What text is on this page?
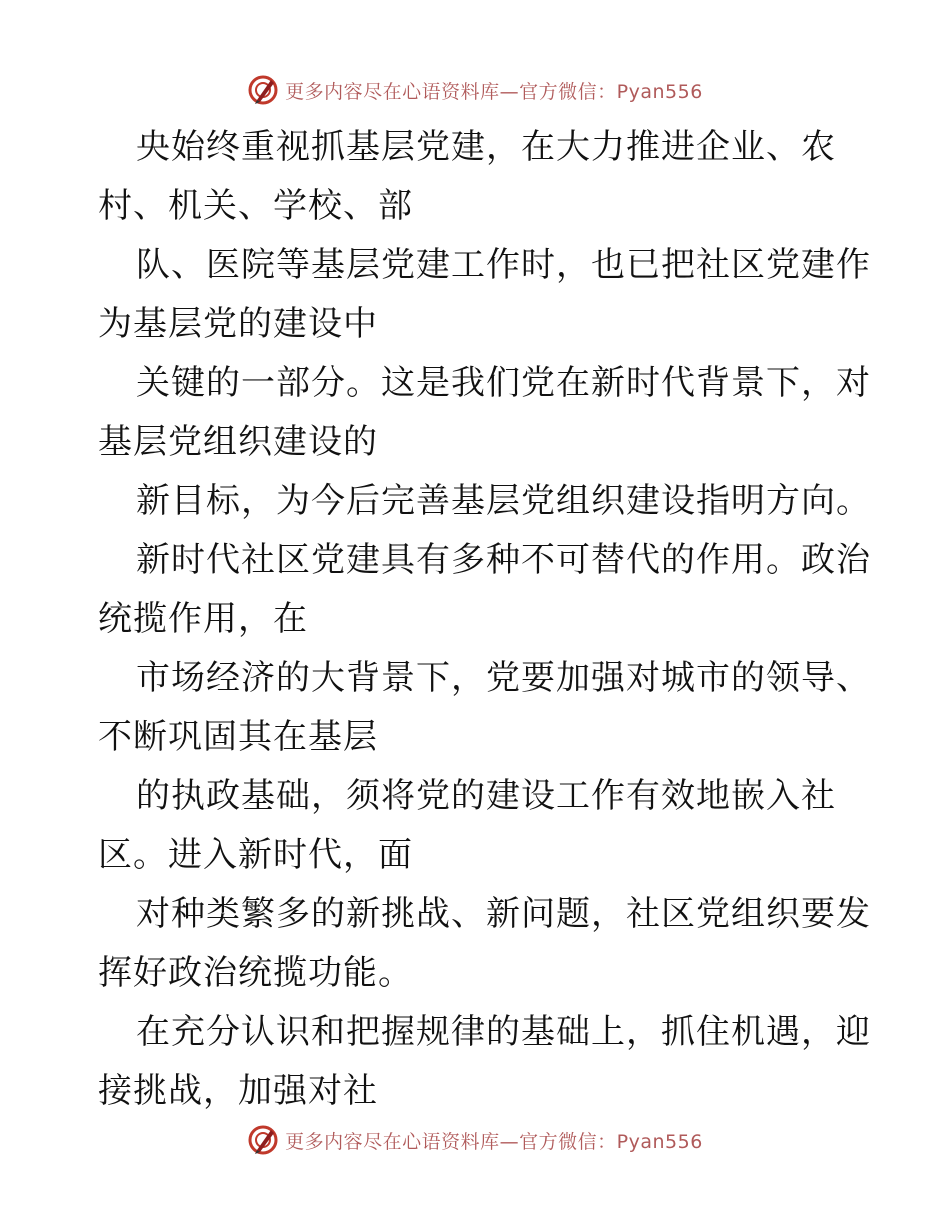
更多内容尽在心语资料库—官方微信：Pyan556
央始终重视抓基层党建，在大力推进企业、农
村、机关、学校、部
队、医院等基层党建工作时，也已把社区党建作
为基层党的建设中
关键的一部分。这是我们党在新时代背景下，对
基层党组织建设的
新目标，为今后完善基层党组织建设指明方向。
新时代社区党建具有多种不可替代的作用。政治
统揽作用，在
市场经济的大背景下，党要加强对城市的领导、
不断巩固其在基层
的执政基础，须将党的建设工作有效地嵌入社
区。进入新时代，面
对种类繁多的新挑战、新问题，社区党组织要发
挥好政治统揽功能。
在充分认识和把握规律的基础上，抓住机遇，迎
接挑战，加强对社
更多内容尽在心语资料库—官方微信：Pyan556
